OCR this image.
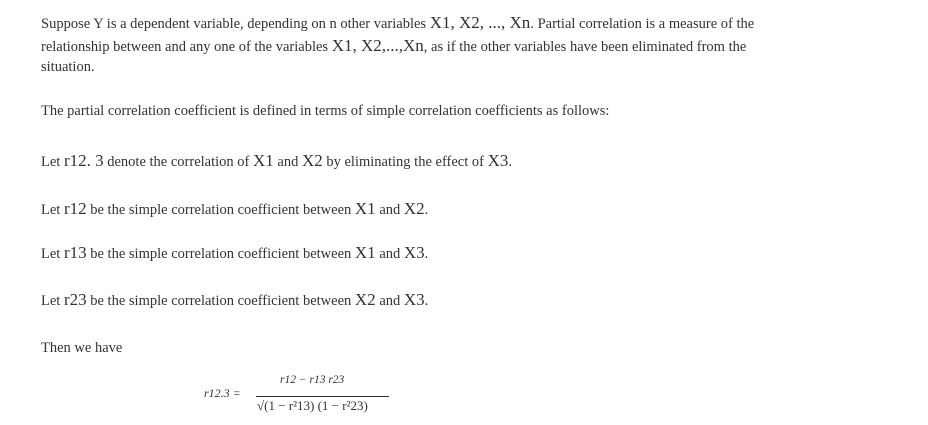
Suppose Y is a dependent variable, depending on n other variables X1, X2, ..., Xn. Partial correlation is a measure of the
relationship between and any one of the variables X1, X2,...,Xn, as if the other variables have been eliminated from the
situation.
The partial correlation coefficient is defined in terms of simple correlation coefficients as follows:
Let r12. 3 denote the correlation of X1 and X2 by eliminating the effect of X3.
Let r12 be the simple correlation coefficient between X1 and X2.
Let r13 be the simple correlation coefficient between X1 and X3.
Let r23 be the simple correlation coefficient between X2 and X3.
Then we have
r12.3 =
r12 − r13 r23
√(1 − r²13) (1 − r²23)
